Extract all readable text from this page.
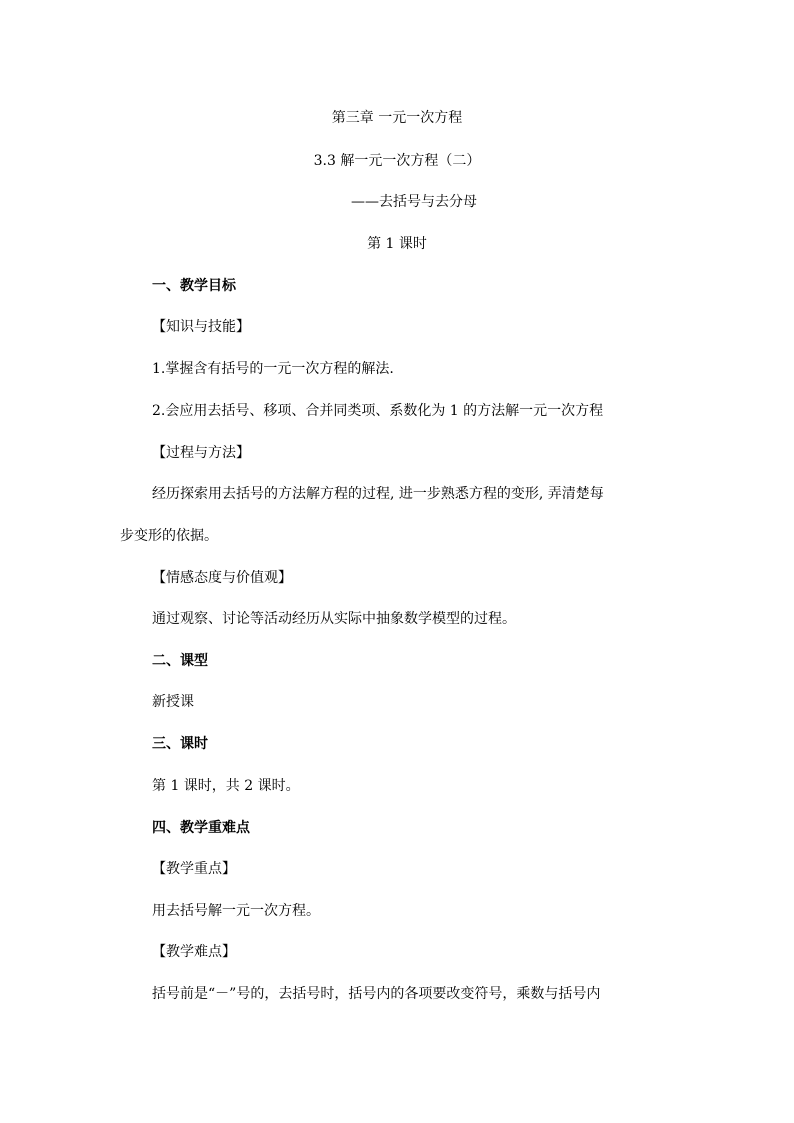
第三章 一元一次方程
3.3 解一元一次方程（二）
——去括号与去分母
第 1 课时
一、教学目标
【知识与技能】
1.掌握含有括号的一元一次方程的解法.
2.会应用去括号、移项、合并同类项、系数化为 1 的方法解一元一次方程
【过程与方法】
经历探索用去括号的方法解方程的过程, 进一步熟悉方程的变形, 弄清楚每
步变形的依据。
【情感态度与价值观】
通过观察、讨论等活动经历从实际中抽象数学模型的过程。
二、课型
新授课
三、课时
第 1 课时，共 2 课时。
四、教学重难点
【教学重点】
用去括号解一元一次方程。
【教学难点】
括号前是“－”号的，去括号时，括号内的各项要改变符号，乘数与括号内
